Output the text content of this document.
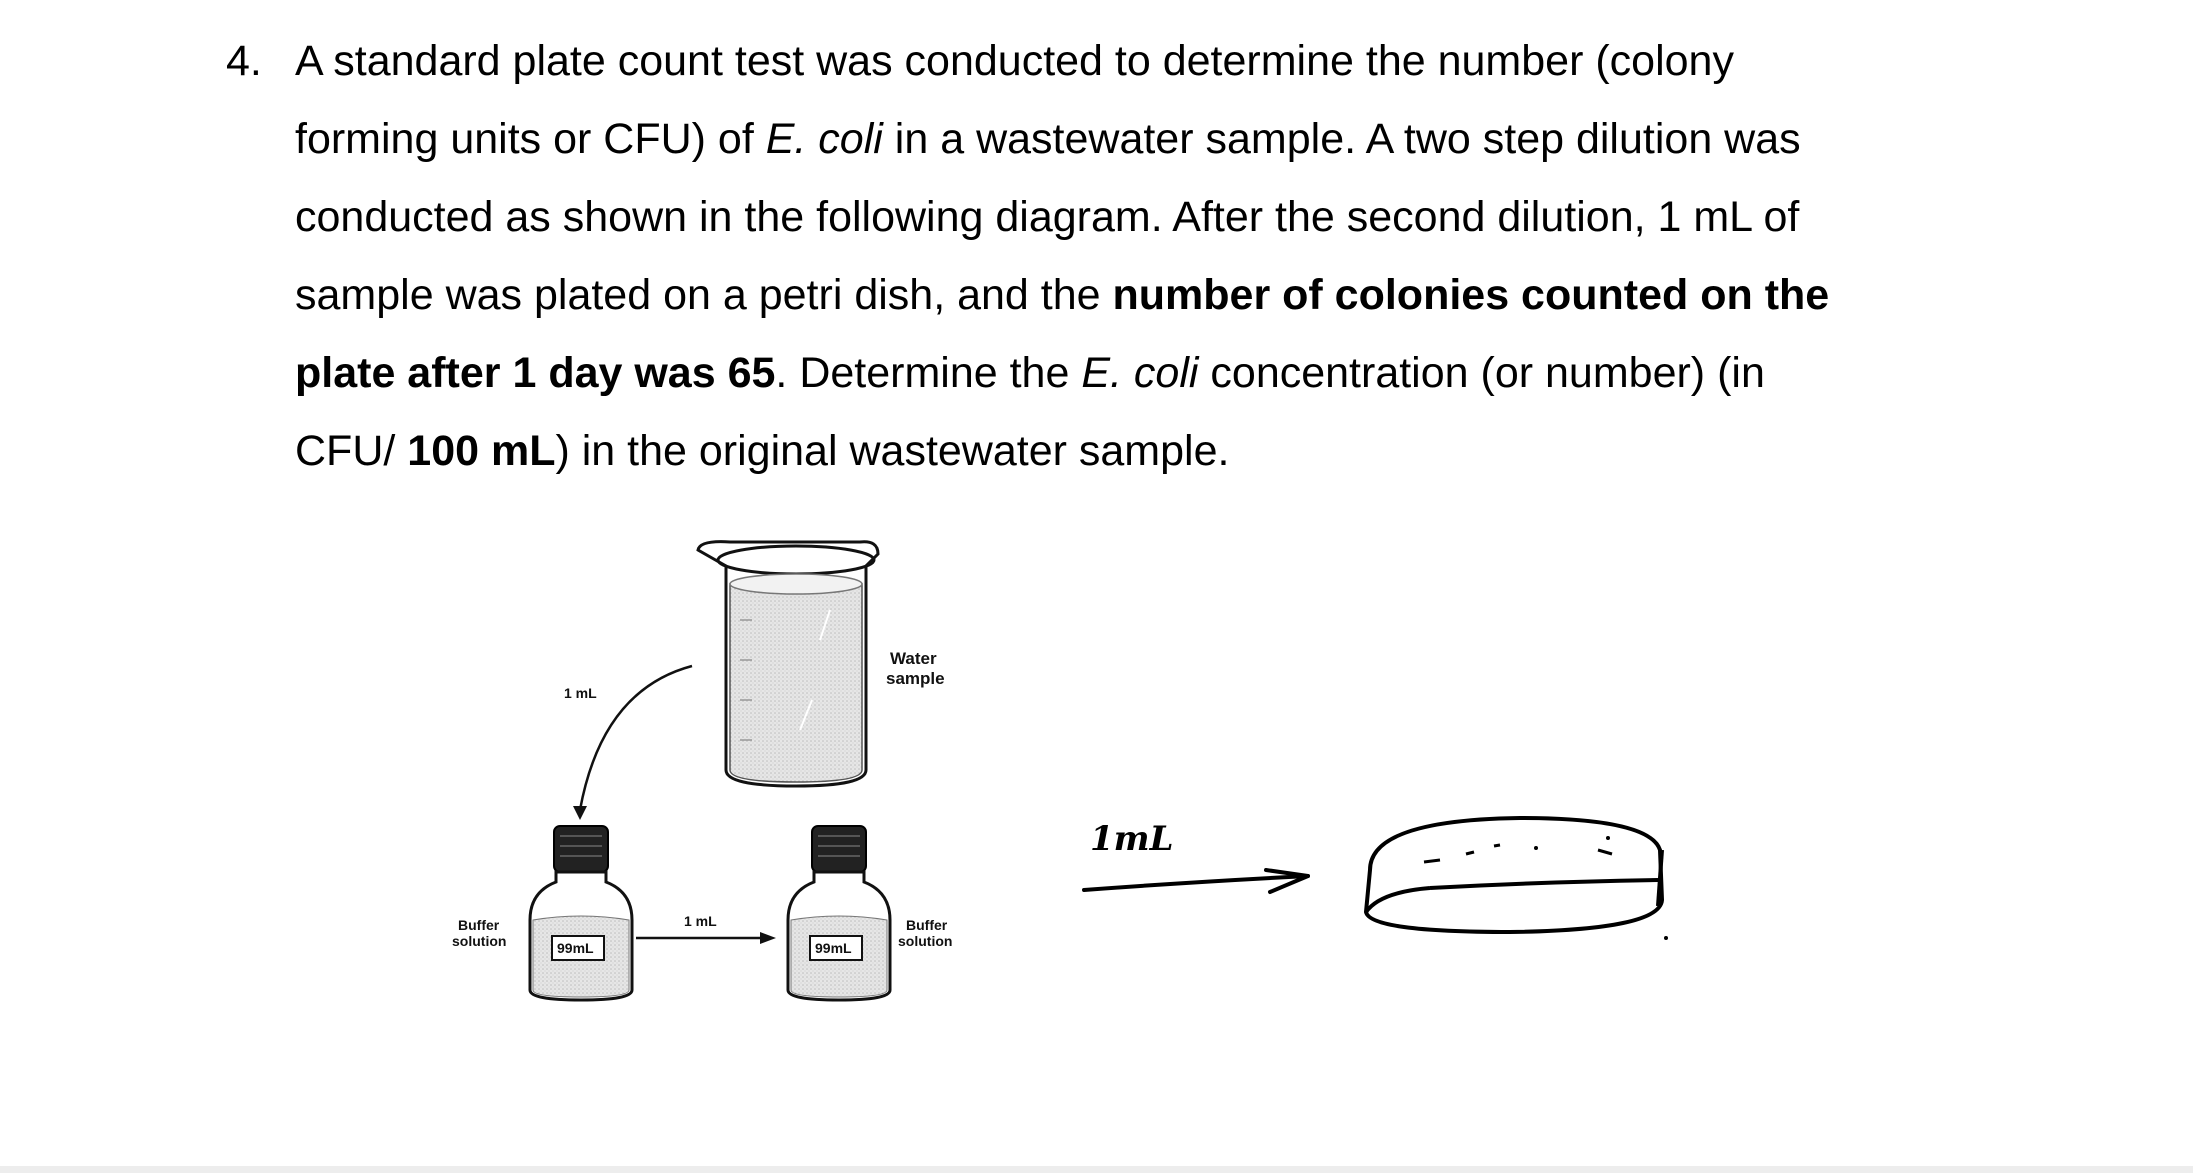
4. A standard plate count test was conducted to determine the number (colony
forming units or CFU) of E. coli in a wastewater sample. A two step dilution was
conducted as shown in the following diagram. After the second dilution, 1 mL of
sample was plated on a petri dish, and the number of colonies counted on the
plate after 1 day was 65. Determine the E. coli concentration (or number) (in
CFU/ 100 mL) in the original wastewater sample.
Water
sample
1 mL
99mL
Buffer
solution
1 mL
99mL
Buffer
solution
1mL
